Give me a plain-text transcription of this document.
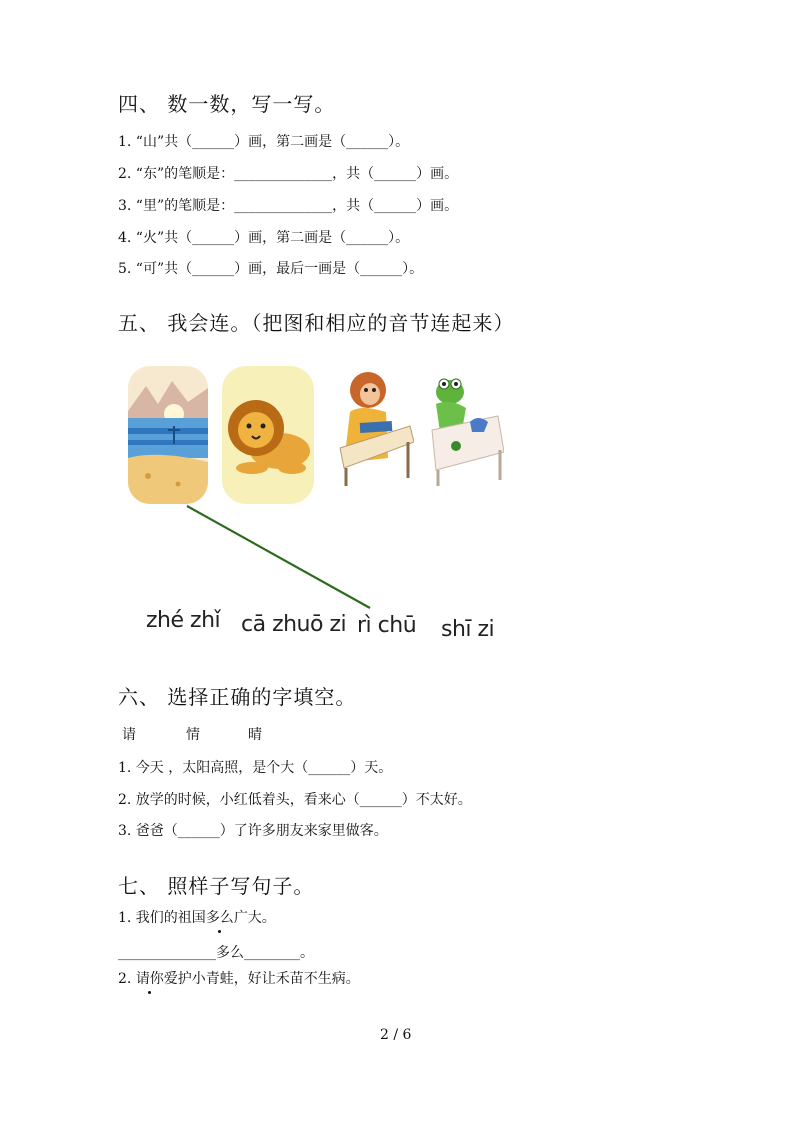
四、 数一数，写一写。
1. “山”共（______）画，第二画是（______）。
2. “东”的笔顺是：______________，共（______）画。
3. “里”的笔顺是：______________，共（______）画。
4. “火”共（______）画，第二画是（______）。
5. “可”共（______）画，最后一画是（______）。
五、 我会连。（把图和相应的音节连起来）
zhé zhǐ cā zhuō zi rì chū shī zi
六、 选择正确的字填空。
请	情	晴
1. 今天 ，太阳高照，是个大（______）天。
2. 放学的时候，小红低着头，看来心（______）不太好。
3. 爸爸（______）了许多朋友来家里做客。
七、 照样子写句子。
1. 我们的祖国多么广大。
______________多么________。
2. 请你爱护小青蛙，好让禾苗不生病。
2 / 6
